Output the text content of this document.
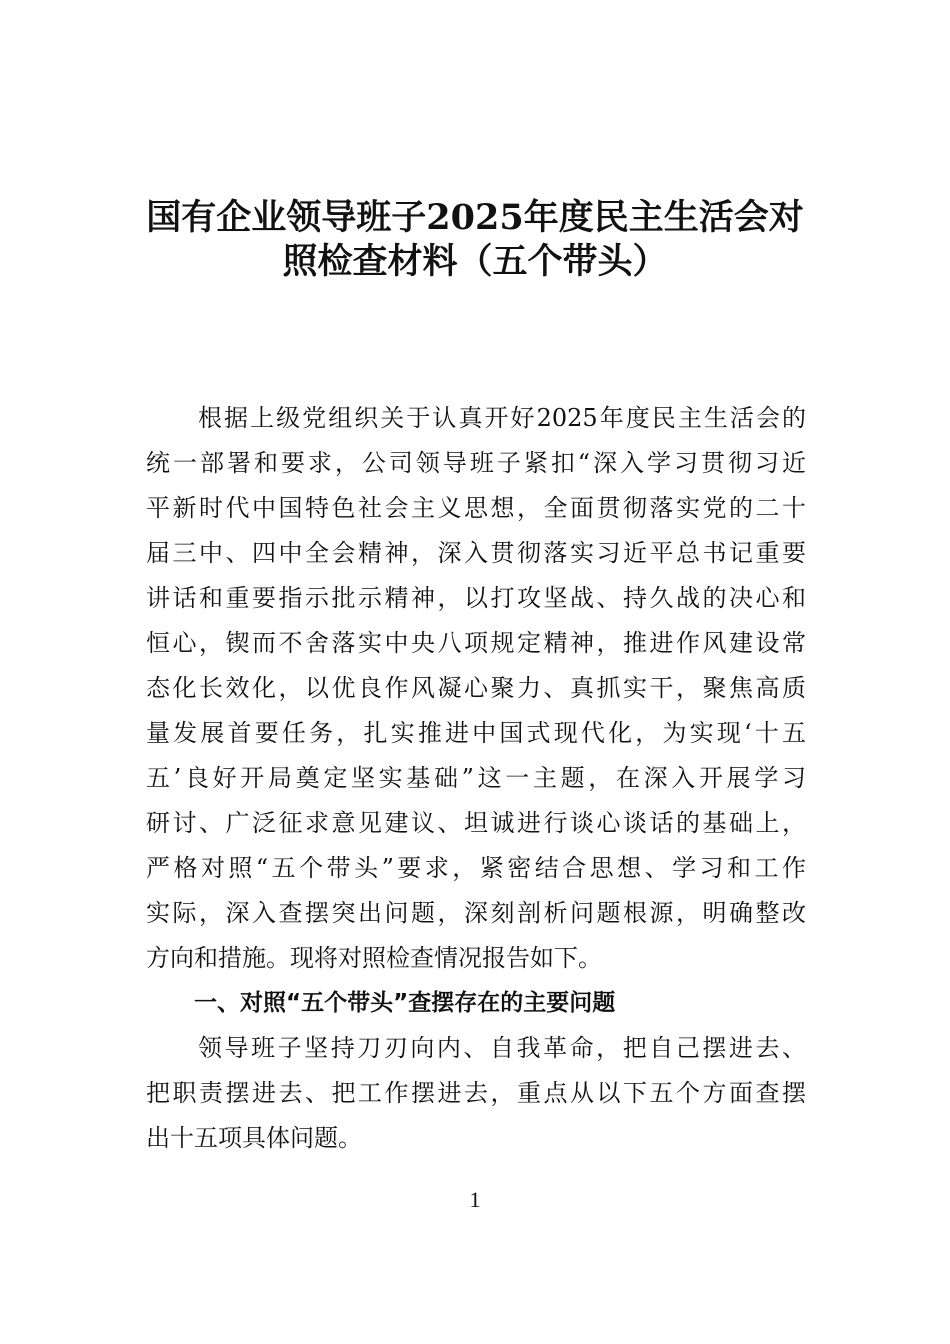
国有企业领导班子2025年度民主生活会对
照检查材料（五个带头）
根据上级党组织关于认真开好2025年度民主生活会的
统一部署和要求，公司领导班子紧扣“深入学习贯彻习近
平新时代中国特色社会主义思想，全面贯彻落实党的二十
届三中、四中全会精神，深入贯彻落实习近平总书记重要
讲话和重要指示批示精神，以打攻坚战、持久战的决心和
恒心，锲而不舍落实中央八项规定精神，推进作风建设常
态化长效化，以优良作风凝心聚力、真抓实干，聚焦高质
量发展首要任务，扎实推进中国式现代化，为实现‘十五
五’良好开局奠定坚实基础”这一主题，在深入开展学习
研讨、广泛征求意见建议、坦诚进行谈心谈话的基础上，
严格对照“五个带头”要求，紧密结合思想、学习和工作
实际，深入查摆突出问题，深刻剖析问题根源，明确整改
方向和措施。现将对照检查情况报告如下。
一、对照“五个带头”查摆存在的主要问题
领导班子坚持刀刃向内、自我革命，把自己摆进去、
把职责摆进去、把工作摆进去，重点从以下五个方面查摆
出十五项具体问题。
1
